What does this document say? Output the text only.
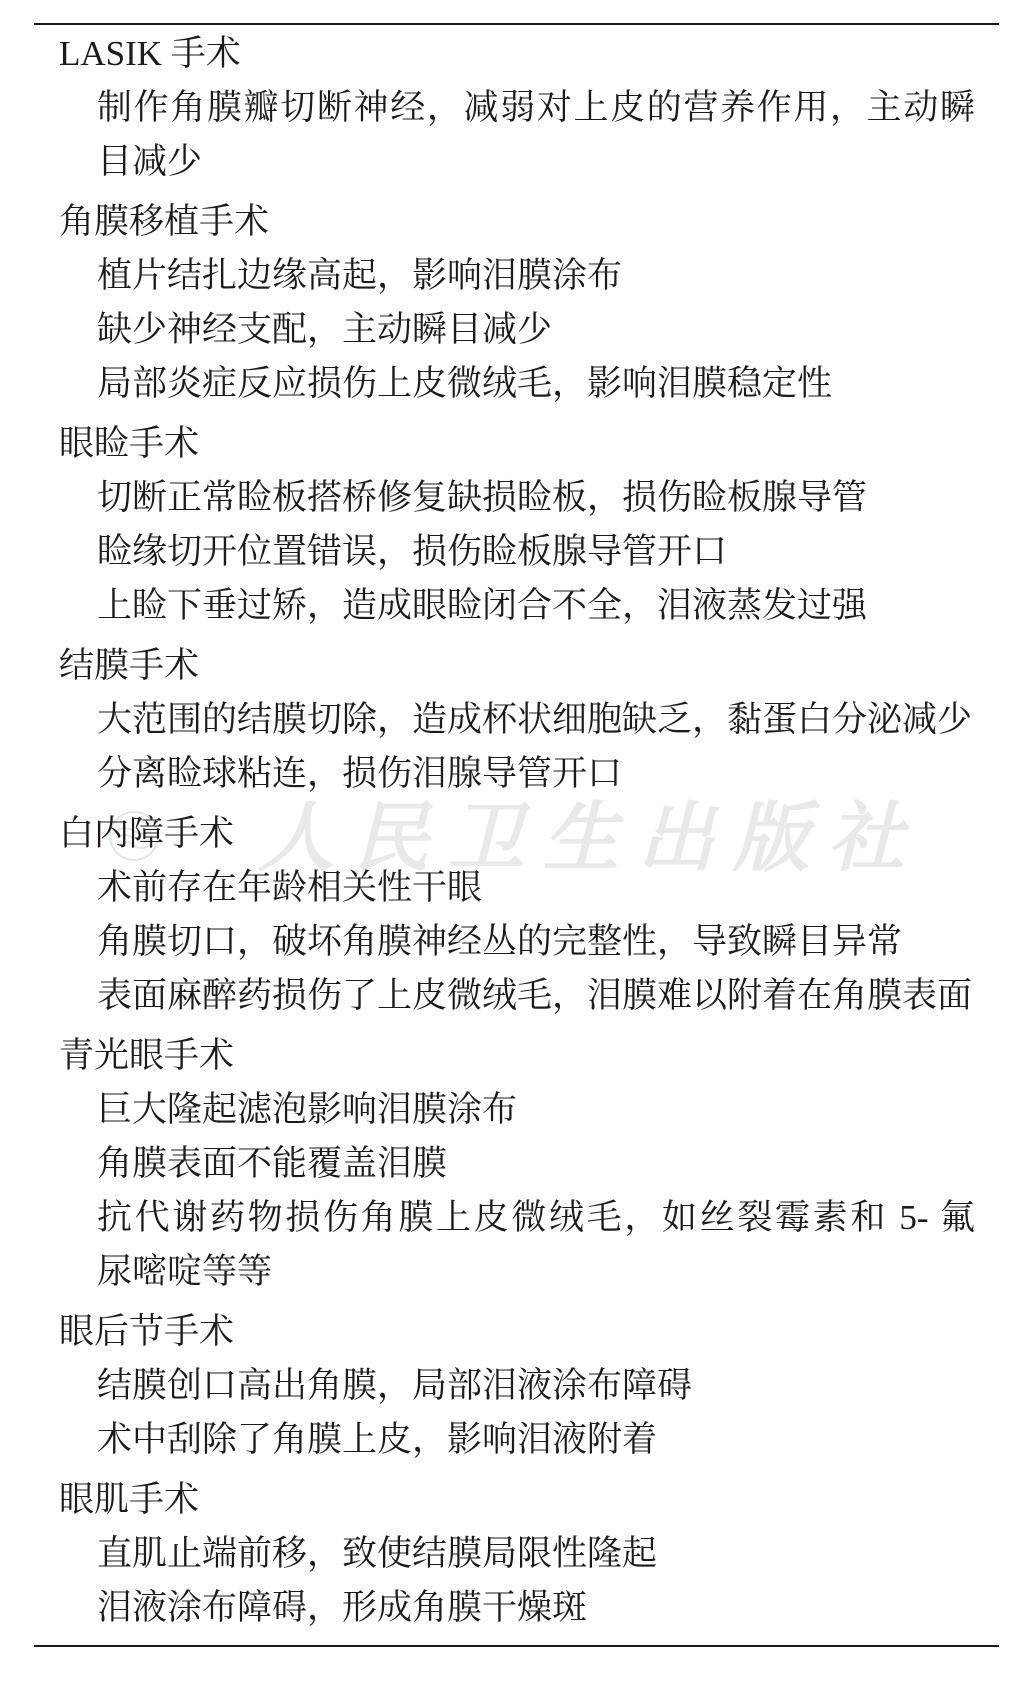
人民卫生出版社
LASIK 手术
制作角膜瓣切断神经，减弱对上皮的营养作用，主动瞬
目减少
角膜移植手术
植片结扎边缘高起，影响泪膜涂布
缺少神经支配，主动瞬目减少
局部炎症反应损伤上皮微绒毛，影响泪膜稳定性
眼睑手术
切断正常睑板搭桥修复缺损睑板，损伤睑板腺导管
睑缘切开位置错误，损伤睑板腺导管开口
上睑下垂过矫，造成眼睑闭合不全，泪液蒸发过强
结膜手术
大范围的结膜切除，造成杯状细胞缺乏，黏蛋白分泌减少
分离睑球粘连，损伤泪腺导管开口
白内障手术
术前存在年龄相关性干眼
角膜切口，破坏角膜神经丛的完整性，导致瞬目异常
表面麻醉药损伤了上皮微绒毛，泪膜难以附着在角膜表面
青光眼手术
巨大隆起滤泡影响泪膜涂布
角膜表面不能覆盖泪膜
抗代谢药物损伤角膜上皮微绒毛，如丝裂霉素和 5- 氟
尿嘧啶等等
眼后节手术
结膜创口高出角膜，局部泪液涂布障碍
术中刮除了角膜上皮，影响泪液附着
眼肌手术
直肌止端前移，致使结膜局限性隆起
泪液涂布障碍，形成角膜干燥斑
